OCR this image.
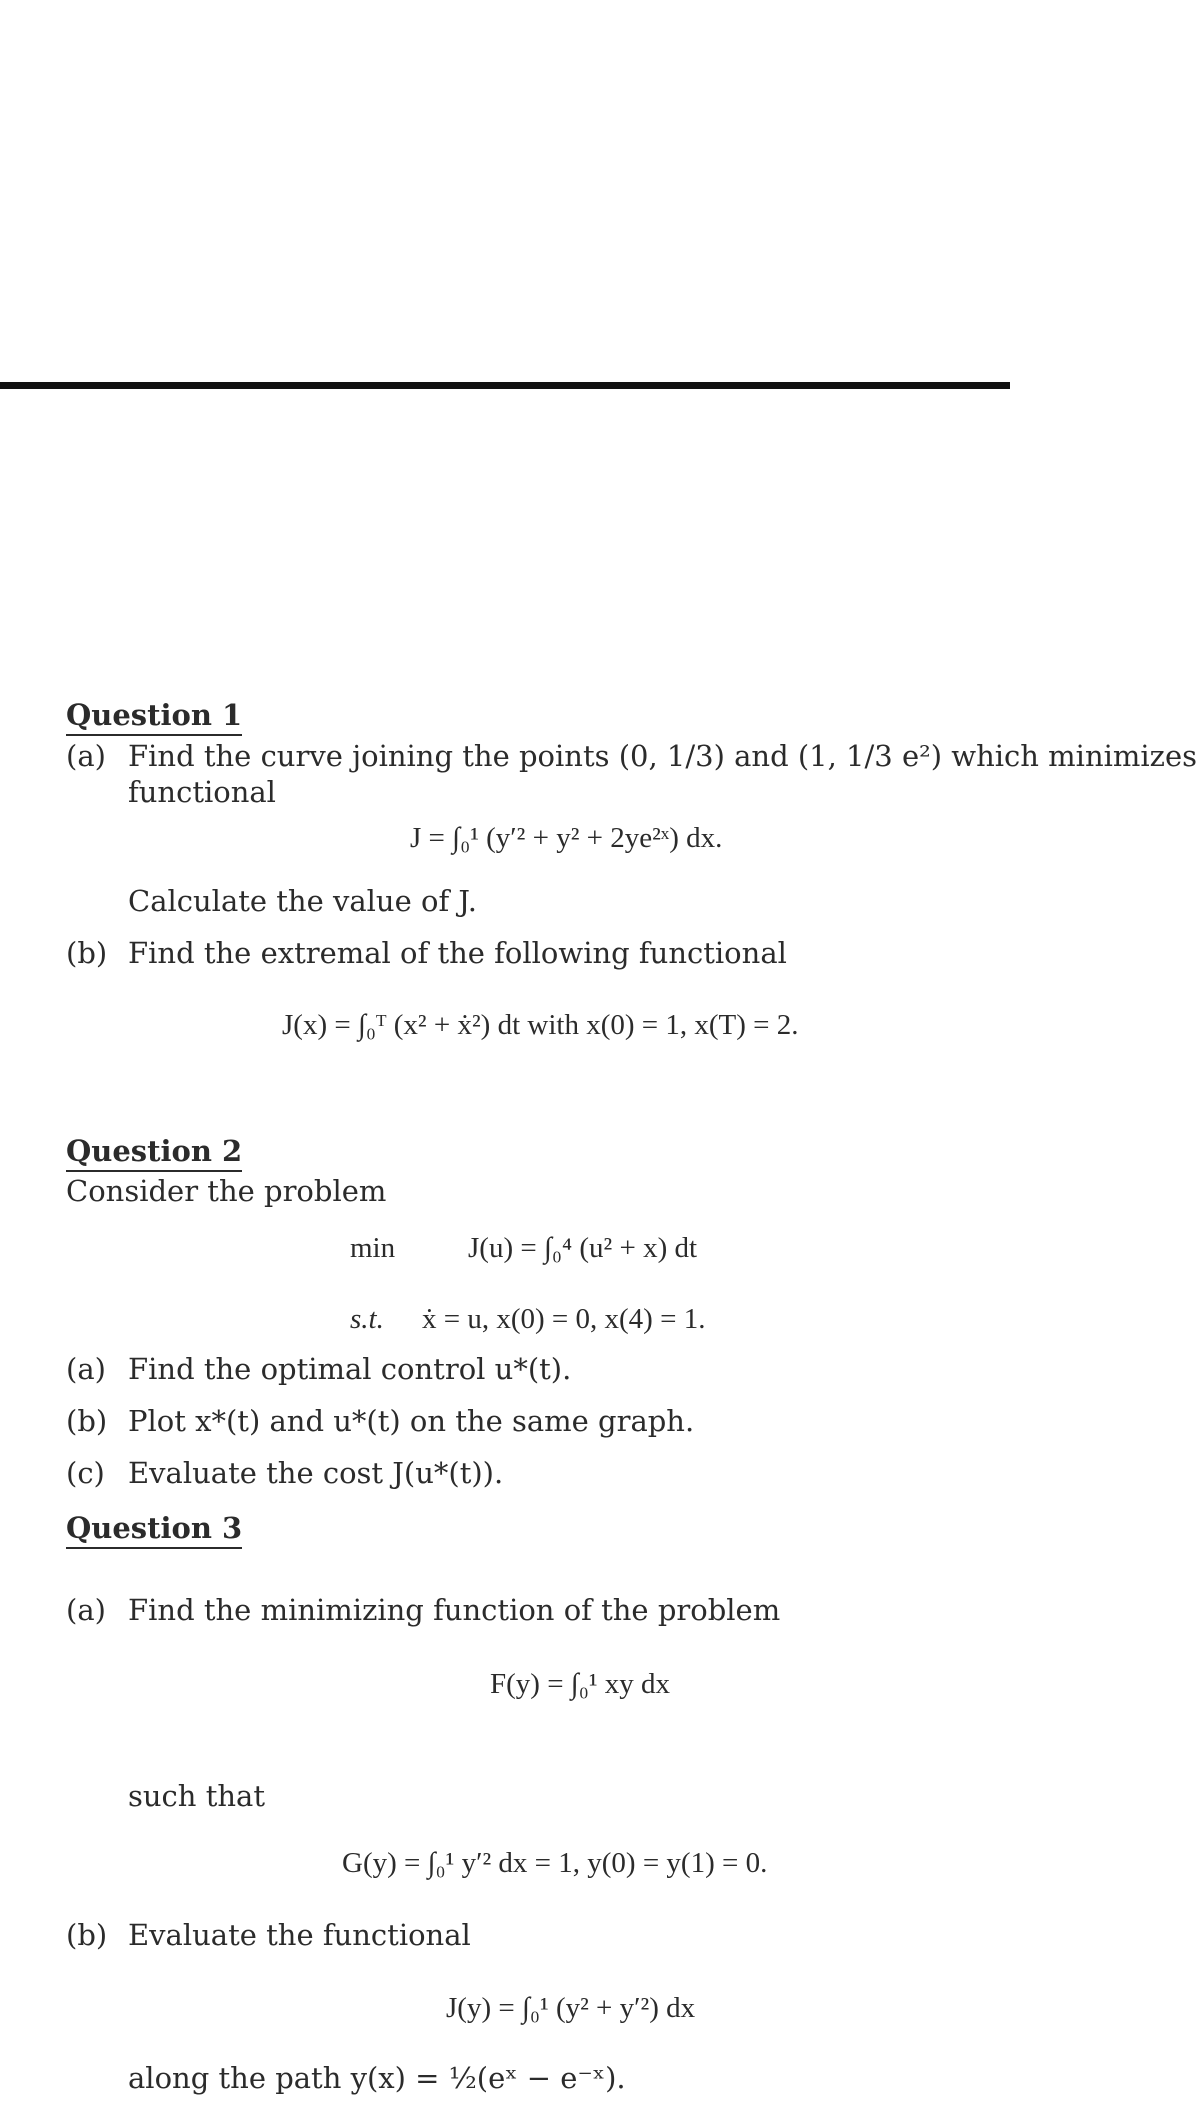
Question 1
(a) Find the curve joining the points (0, 1/3) and (1, 1/3 e²) which minimizes
functional
J = ∫₀¹ (y′² + y² + 2ye²ˣ) dx.
Calculate the value of J.
(b) Find the extremal of the following functional
J(x) = ∫₀ᵀ (x² + ẋ²) dt with x(0) = 1, x(T) = 2.
Question 2
Consider the problem
min	J(u) = ∫₀⁴ (u² + x) dt
s.t. ẋ = u, x(0) = 0, x(4) = 1.
(a) Find the optimal control u*(t).
(b) Plot x*(t) and u*(t) on the same graph.
(c) Evaluate the cost J(u*(t)).
Question 3
(a) Find the minimizing function of the problem
F(y) = ∫₀¹ xy dx
such that
G(y) = ∫₀¹ y′² dx = 1, y(0) = y(1) = 0.
(b) Evaluate the functional
J(y) = ∫₀¹ (y² + y′²) dx
along the path y(x) = ½(eˣ − e⁻ˣ).
